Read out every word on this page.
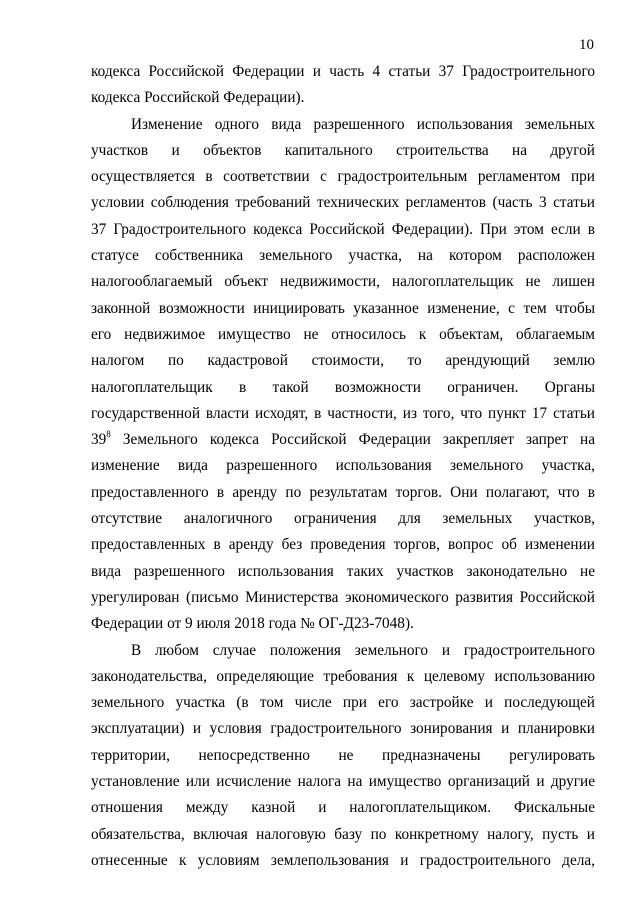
10
кодекса Российской Федерации и часть 4 статьи 37 Градостроительного
кодекса Российской Федерации).
Изменение одного вида разрешенного использования земельных
участков и объектов капитального строительства на другой
осуществляется в соответствии с градостроительным регламентом при
условии соблюдения требований технических регламентов (часть 3 статьи
37 Градостроительного кодекса Российской Федерации). При этом если в
статусе собственника земельного участка, на котором расположен
налогооблагаемый объект недвижимости, налогоплательщик не лишен
законной возможности инициировать указанное изменение, с тем чтобы
его недвижимое имущество не относилось к объектам, облагаемым
налогом по кадастровой стоимости, то арендующий землю
налогоплательщик в такой возможности ограничен. Органы
государственной власти исходят, в частности, из того, что пункт 17 статьи
$39^8$ Земельного кодекса Российской Федерации закрепляет запрет на
изменение вида разрешенного использования земельного участка,
предоставленного в аренду по результатам торгов. Они полагают, что в
отсутствие аналогичного ограничения для земельных участков,
предоставленных в аренду без проведения торгов, вопрос об изменении
вида разрешенного использования таких участков законодательно не
урегулирован (письмо Министерства экономического развития Российской
Федерации от 9 июля 2018 года № ОГ-Д23-7048).
В любом случае положения земельного и градостроительного
законодательства, определяющие требования к целевому использованию
земельного участка (в том числе при его застройке и последующей
эксплуатации) и условия градостроительного зонирования и планировки
территории, непосредственно не предназначены регулировать
установление или исчисление налога на имущество организаций и другие
отношения между казной и налогоплательщиком. Фискальные
обязательства, включая налоговую базу по конкретному налогу, пусть и
отнесенные к условиям землепользования и градостроительного дела,
